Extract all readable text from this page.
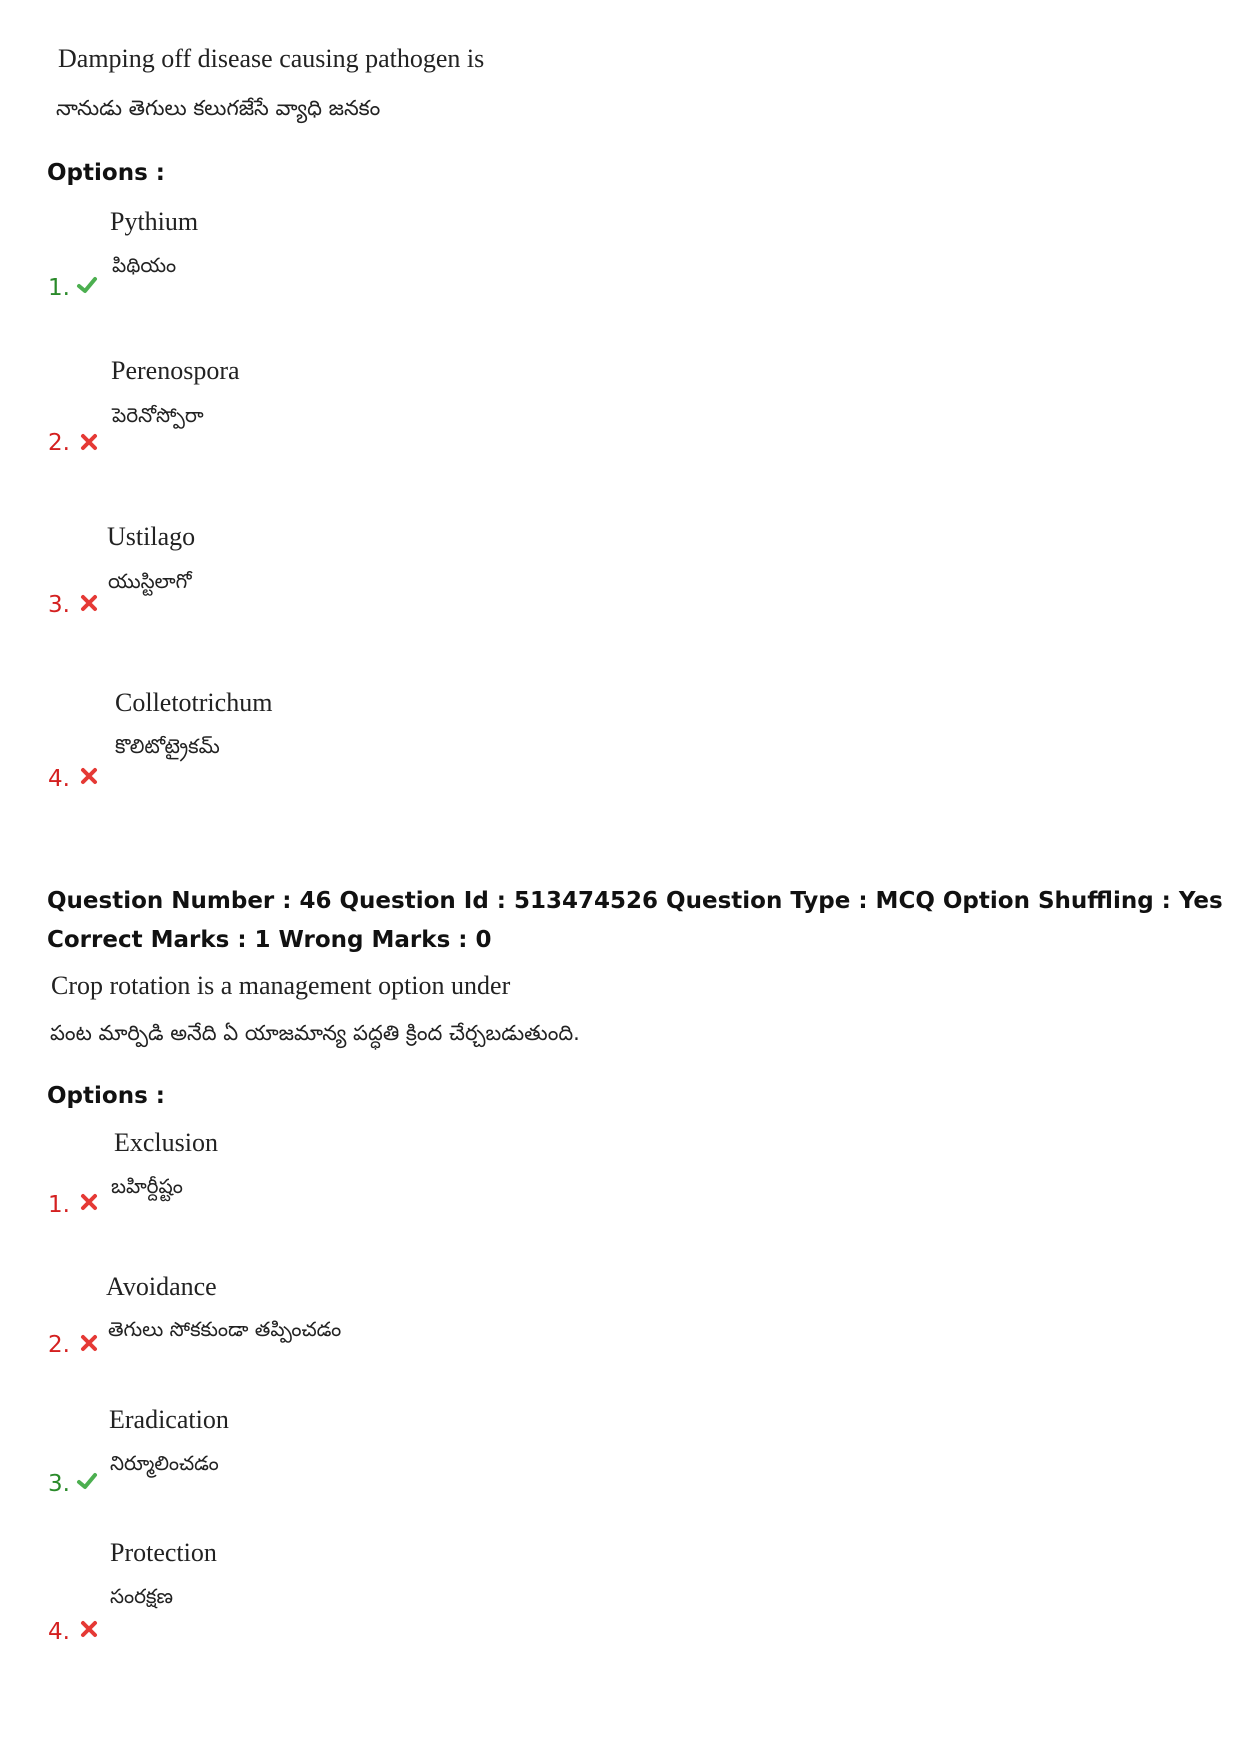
Damping off disease causing pathogen is
నానుడు తెగులు కలుగజేసే వ్యాధి జనకం
Options :
Pythium
పిథియం
1.
Perenospora
పెరెనోస్పోరా
2.
Ustilago
యుస్టిలాగో
3.
Colletotrichum
కొలిటోట్రైకమ్
4.
Question Number : 46 Question Id : 513474526 Question Type : MCQ Option Shuffling : Yes
Correct Marks : 1 Wrong Marks : 0
Crop rotation is a management option under
పంట మార్పిడి అనేది ఏ యాజమాన్య పద్ధతి క్రింద చేర్చబడుతుంది.
Options :
Exclusion
బహిర్దీష్టం
1.
Avoidance
తెగులు సోకకుండా తప్పించడం
2.
Eradication
నిర్మూలించడం
3.
Protection
సంరక్షణ
4.
